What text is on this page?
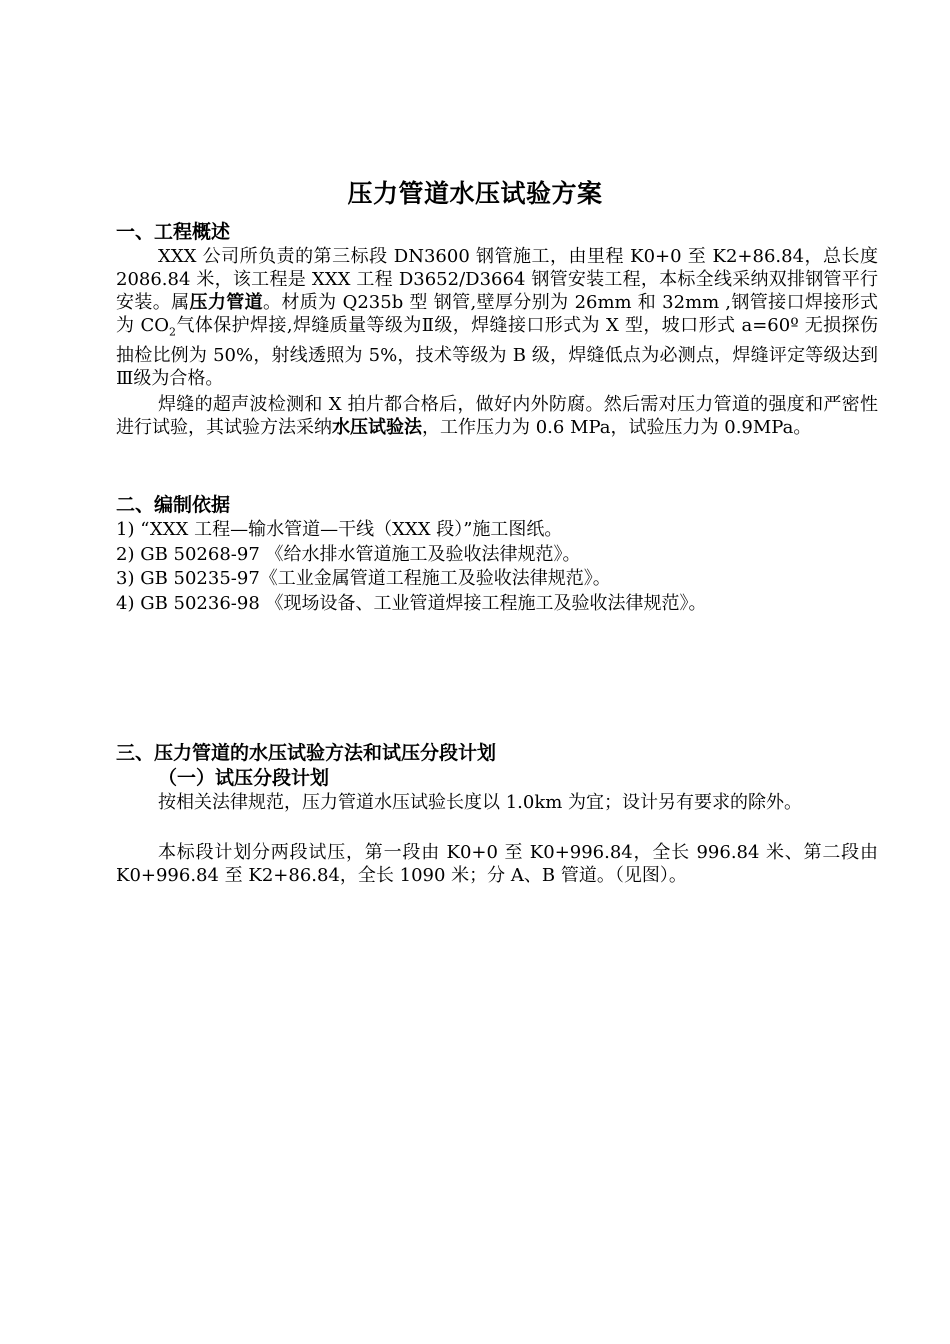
压力管道水压试验方案
一、工程概述
XXX 公司所负责的第三标段 DN3600 钢管施工，由里程 K0+0 至 K2+86.84，总长度 2086.84 米，该工程是 XXX 工程 D3652/D3664 钢管安装工程，本标全线采纳双排钢管平行安装。属压力管道。材质为 Q235b 型 钢管,壁厚分别为 26mm 和 32mm ,钢管接口焊接形式为 $CO_2$气体保护焊接,焊缝质量等级为Ⅱ级，焊缝接口形式为 X 型，坡口形式 a=60º 无损探伤抽检比例为 50%，射线透照为 5%，技术等级为 B 级，焊缝低点为必测点，焊缝评定等级达到Ⅲ级为合格。
焊缝的超声波检测和 X 拍片都合格后，做好内外防腐。然后需对压力管道的强度和严密性进行试验，其试验方法采纳水压试验法，工作压力为 0.6 MPa，试验压力为 0.9MPa。
二、编制依据
1) “XXX 工程—输水管道—干线（XXX 段）”施工图纸。
2) GB 50268-97 《给水排水管道施工及验收法律规范》。
3) GB 50235-97《工业金属管道工程施工及验收法律规范》。
4) GB 50236-98 《现场设备、工业管道焊接工程施工及验收法律规范》。
三、压力管道的水压试验方法和试压分段计划
（一）试压分段计划
按相关法律规范，压力管道水压试验长度以 1.0km 为宜；设计另有要求的除外。
本标段计划分两段试压，第一段由 K0+0 至 K0+996.84，全长 996.84 米、第二段由 K0+996.84 至 K2+86.84，全长 1090 米；分 A、B 管道。（见图）。
